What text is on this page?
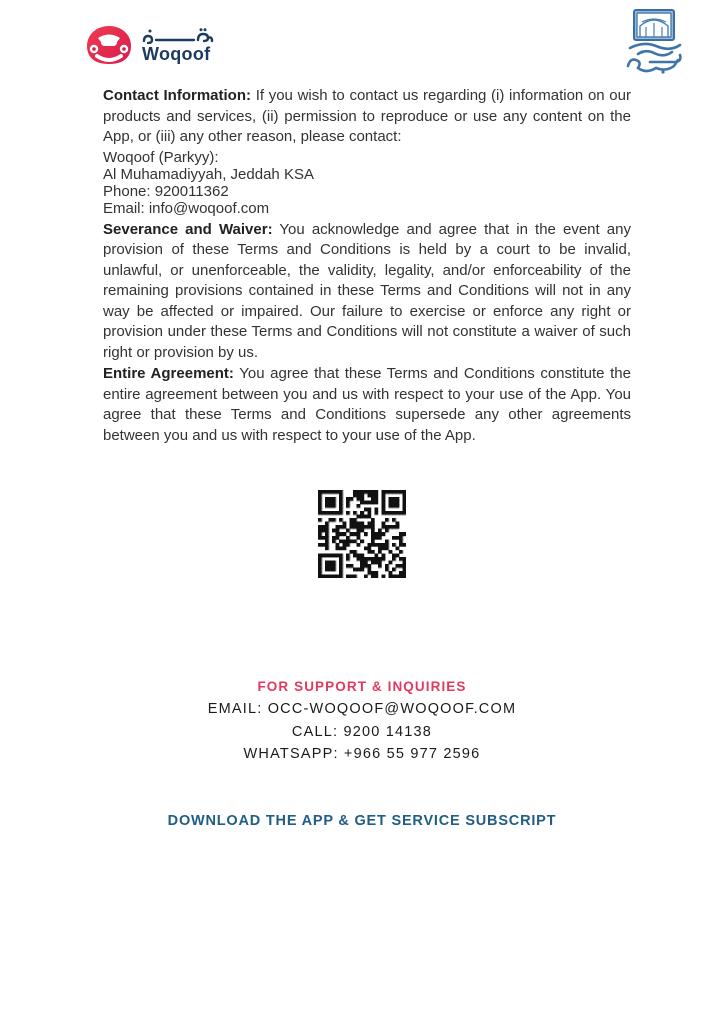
Woqoof

Contact Information: If you wish to contact us regarding (i) information on our products and services, (ii) permission to reproduce or use any content on the App, or (iii) any other reason, please contact:

Woqoof (Parkyy):
Al Muhamadiyyah, Jeddah KSA
Phone: 920011362
Email: info@woqoof.com

Severance and Waiver: You acknowledge and agree that in the event any provision of these Terms and Conditions is held by a court to be invalid, unlawful, or unenforceable, the validity, legality, and/or enforceability of the remaining provisions contained in these Terms and Conditions will not in any way be affected or impaired. Our failure to exercise or enforce any right or provision under these Terms and Conditions will not constitute a waiver of such right or provision by us.

Entire Agreement: You agree that these Terms and Conditions constitute the entire agreement between you and us with respect to your use of the App. You agree that these Terms and Conditions supersede any other agreements between you and us with respect to your use of the App.

FOR SUPPORT & INQUIRIES
EMAIL: OCC-WOQOOF@WOQOOF.COM
CALL: 9200 14138
WHATSAPP: +966 55 977 2596
DOWNLOAD THE APP & GET SERVICE SUBSCRIPT
